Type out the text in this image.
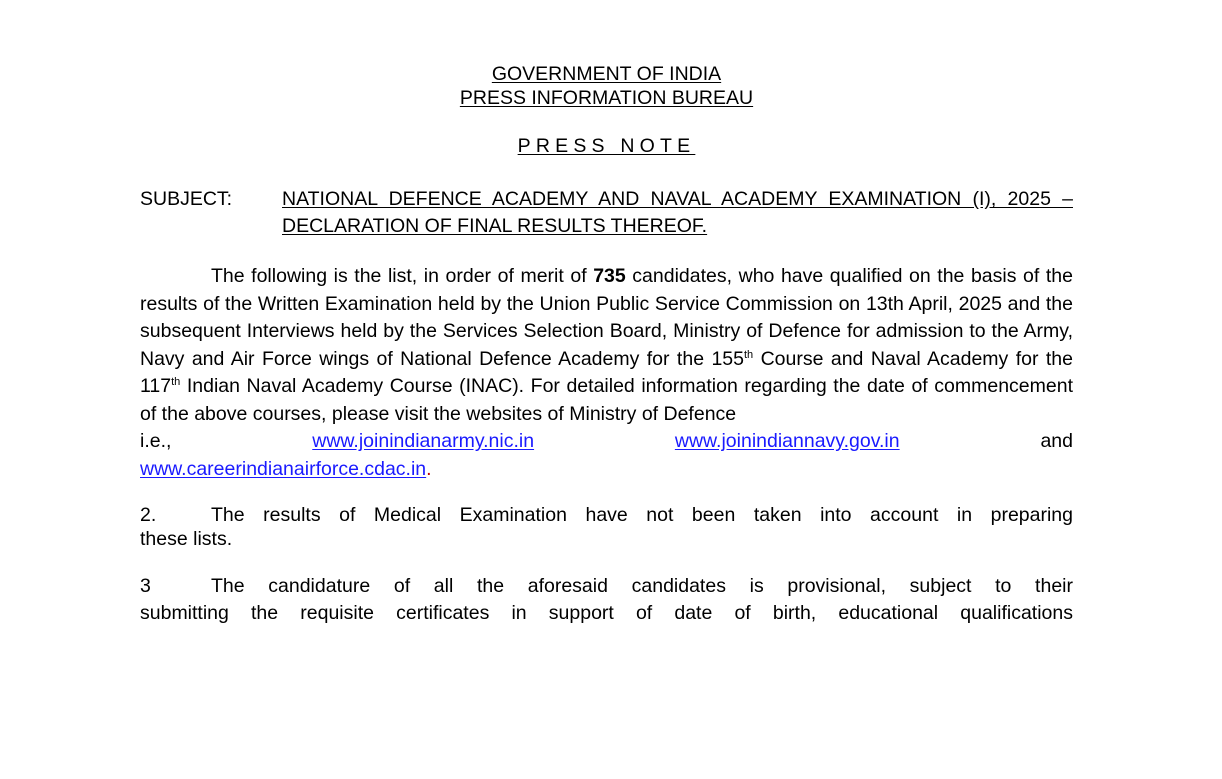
GOVERNMENT OF INDIA
PRESS INFORMATION BUREAU
PRESS NOTE
SUBJECT:	NATIONAL DEFENCE ACADEMY AND NAVAL ACADEMY EXAMINATION (I), 2025 – DECLARATION OF FINAL RESULTS THEREOF.

The following is the list, in order of merit of 735 candidates, who have qualified on the basis of the results of the Written Examination held by the Union Public Service Commission on 13th April, 2025 and the subsequent Interviews held by the Services Selection Board, Ministry of Defence for admission to the Army, Navy and Air Force wings of National Defence Academy for the 155th Course and Naval Academy for the 117th Indian Naval Academy Course (INAC). For detailed information regarding the date of commencement of the above courses, please visit the websites of Ministry of Defence

i.e.,	www.joinindianarmy.nic.in	www.joinindiannavy.gov.in	and

www.careerindianairforce.cdac.in.

2.	The results of Medical Examination have not been taken into account in preparing
these lists.
3	The candidature of all the aforesaid candidates is provisional, subject to their
submitting the requisite certificates in support of date of birth, educational qualifications
